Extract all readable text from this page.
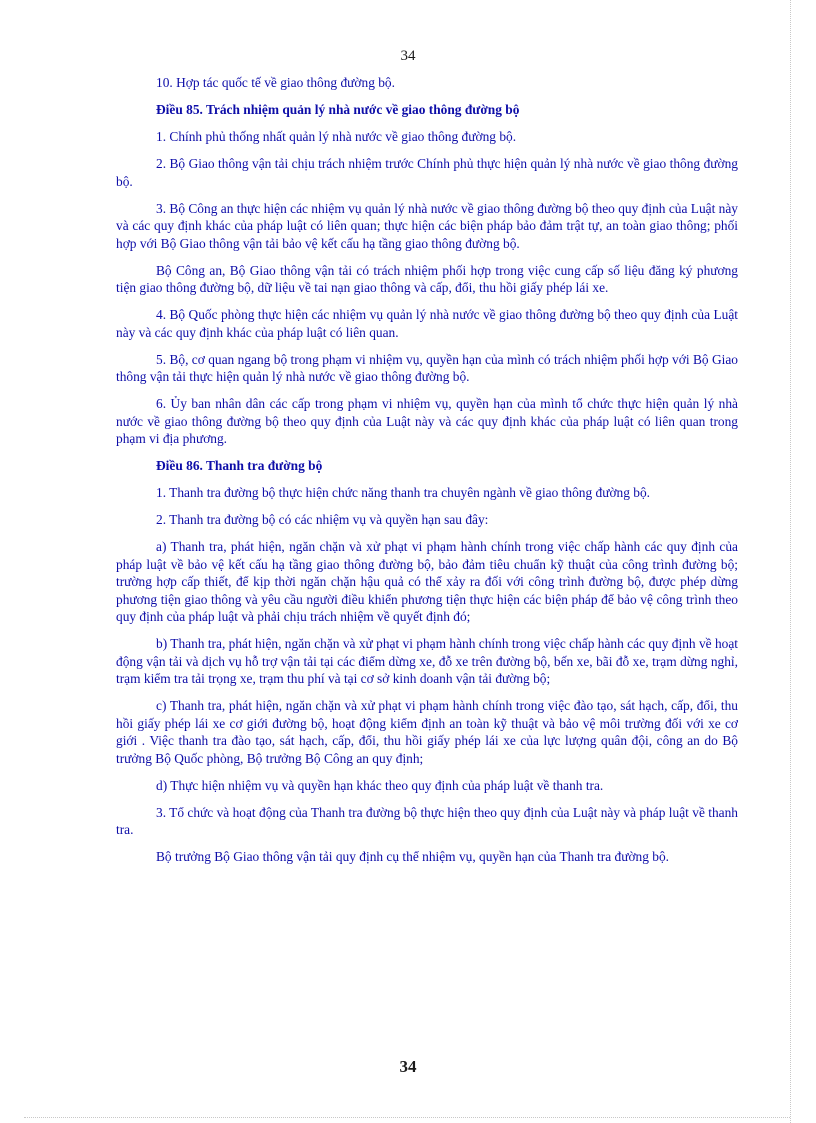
34

10. Hợp tác quốc tế về giao thông đường bộ.

Điều 85. Trách nhiệm quản lý nhà nước về giao thông đường bộ

1. Chính phủ thống nhất quản lý nhà nước về giao thông đường bộ.

2. Bộ Giao thông vận tải chịu trách nhiệm trước Chính phủ thực hiện quản lý nhà nước về giao thông đường bộ.

3. Bộ Công an thực hiện các nhiệm vụ quản lý nhà nước về giao thông đường bộ theo quy định của Luật này và các quy định khác của pháp luật có liên quan; thực hiện các biện pháp bảo đảm trật tự, an toàn giao thông; phối hợp với Bộ Giao thông vận tải bảo vệ kết cấu hạ tầng giao thông đường bộ.

Bộ Công an, Bộ Giao thông vận tải có trách nhiệm phối hợp trong việc cung cấp số liệu đăng ký phương tiện giao thông đường bộ, dữ liệu về tai nạn giao thông và cấp, đổi, thu hồi giấy phép lái xe.

4. Bộ Quốc phòng thực hiện các nhiệm vụ quản lý nhà nước về giao thông đường bộ theo quy định của Luật này và các quy định khác của pháp luật có liên quan.

5. Bộ, cơ quan ngang bộ trong phạm vi nhiệm vụ, quyền hạn của mình có trách nhiệm phối hợp với Bộ Giao thông vận tải thực hiện quản lý nhà nước về giao thông đường bộ.

6. Ủy ban nhân dân các cấp trong phạm vi nhiệm vụ, quyền hạn của mình tổ chức thực hiện quản lý nhà nước về giao thông đường bộ theo quy định của Luật này và các quy định khác của pháp luật có liên quan trong phạm vi địa phương.

Điều 86. Thanh tra đường bộ

1. Thanh tra đường bộ thực hiện chức năng thanh tra chuyên ngành về giao thông đường bộ.

2. Thanh tra đường bộ có các nhiệm vụ và quyền hạn sau đây:

a) Thanh tra, phát hiện, ngăn chặn và xử phạt vi phạm hành chính trong việc chấp hành các quy định của pháp luật về bảo vệ kết cấu hạ tầng giao thông đường bộ, bảo đảm tiêu chuẩn kỹ thuật của công trình đường bộ; trường hợp cấp thiết, để kịp thời ngăn chặn hậu quả có thể xảy ra đối với công trình đường bộ, được phép dừng phương tiện giao thông và yêu cầu người điều khiển phương tiện thực hiện các biện pháp để bảo vệ công trình theo quy định của pháp luật và phải chịu trách nhiệm về quyết định đó;

b) Thanh tra, phát hiện, ngăn chặn và xử phạt vi phạm hành chính trong việc chấp hành các quy định về hoạt động vận tải và dịch vụ hỗ trợ vận tải tại các điểm dừng xe, đỗ xe trên đường bộ, bến xe, bãi đỗ xe, trạm dừng nghỉ, trạm kiểm tra tải trọng xe, trạm thu phí và tại cơ sở kinh doanh vận tải đường bộ;

c) Thanh tra, phát hiện, ngăn chặn và xử phạt vi phạm hành chính trong việc đào tạo, sát hạch, cấp, đổi, thu hồi giấy phép lái xe cơ giới đường bộ, hoạt động kiểm định an toàn kỹ thuật và bảo vệ môi trường đối với xe cơ giới . Việc thanh tra đào tạo, sát hạch, cấp, đổi, thu hồi giấy phép lái xe của lực lượng quân đội, công an do Bộ trưởng Bộ Quốc phòng, Bộ trưởng Bộ Công an quy định;

d) Thực hiện nhiệm vụ và quyền hạn khác theo quy định của pháp luật về thanh tra.

3. Tổ chức và hoạt động của Thanh tra đường bộ thực hiện theo quy định của Luật này và pháp luật về thanh tra.

Bộ trưởng Bộ Giao thông vận tải quy định cụ thể nhiệm vụ, quyền hạn của Thanh tra đường bộ.

34
